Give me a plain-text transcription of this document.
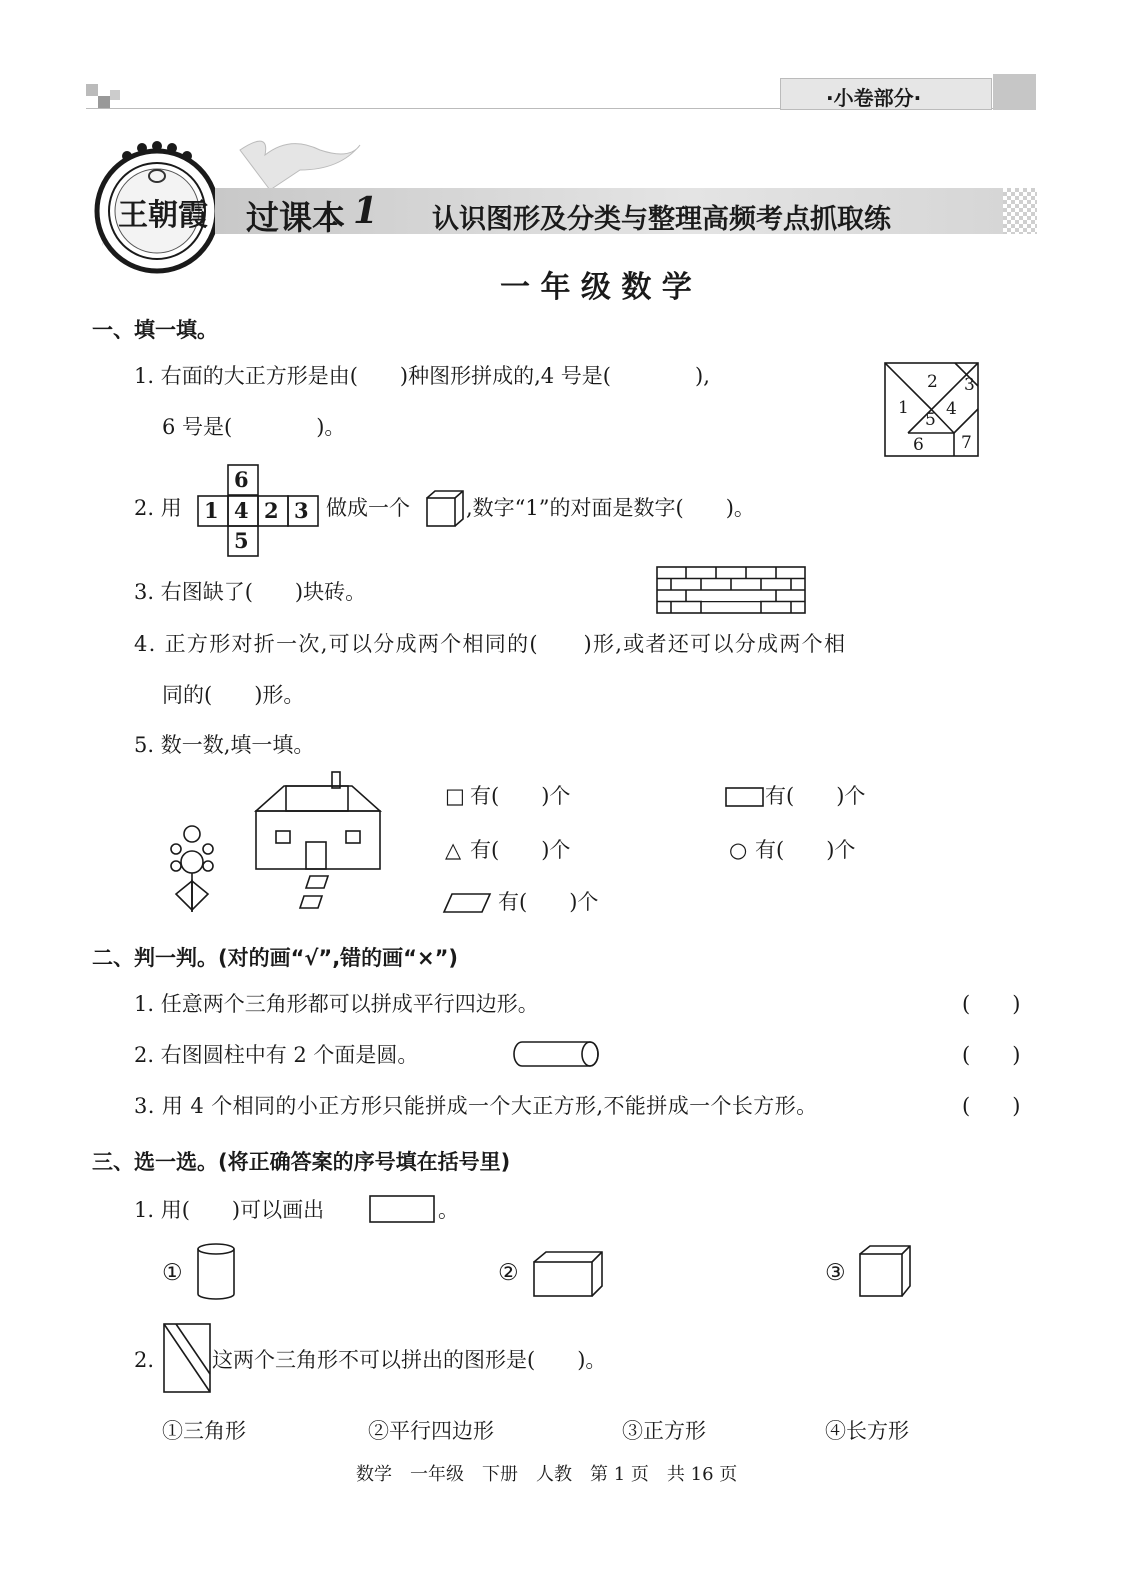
·小卷部分·
王朝霞 过课本 1 认识图形及分类与整理高频考点抓取练
一 年 级 数 学
一、填一填。
1. 右面的大正方形是由(　　)种图形拼成的,4 号是(　　　　),
6 号是(　　　　)。
1
2 3
4
5
6 7
2. 用
6
1 4 2 3
5
做成一个	,数字“1”的对面是数字(　　)。
3. 右图缺了(　　)块砖。
4. 正方形对折一次,可以分成两个相同的(　　)形,或者还可以分成两个相
同的(　　)形。
5. 数一数,填一填。
□ 有(　　)个	有(　　)个
△ 有(　　)个	○ 有(　　)个
有(　　)个
二、判一判。(对的画“√”,错的画“×”)
1. 任意两个三角形都可以拼成平行四边形。	(　　)
2. 右图圆柱中有 2 个面是圆。	(　　)
3. 用 4 个相同的小正方形只能拼成一个大正方形,不能拼成一个长方形。	(　　)
三、选一选。(将正确答案的序号填在括号里)
1. 用(　　)可以画出	。
①	②	③
2.	这两个三角形不可以拼出的图形是(　　)。
①三角形	②平行四边形	③正方形	④长方形
数学　一年级　下册　人教　第 1 页　共 16 页
